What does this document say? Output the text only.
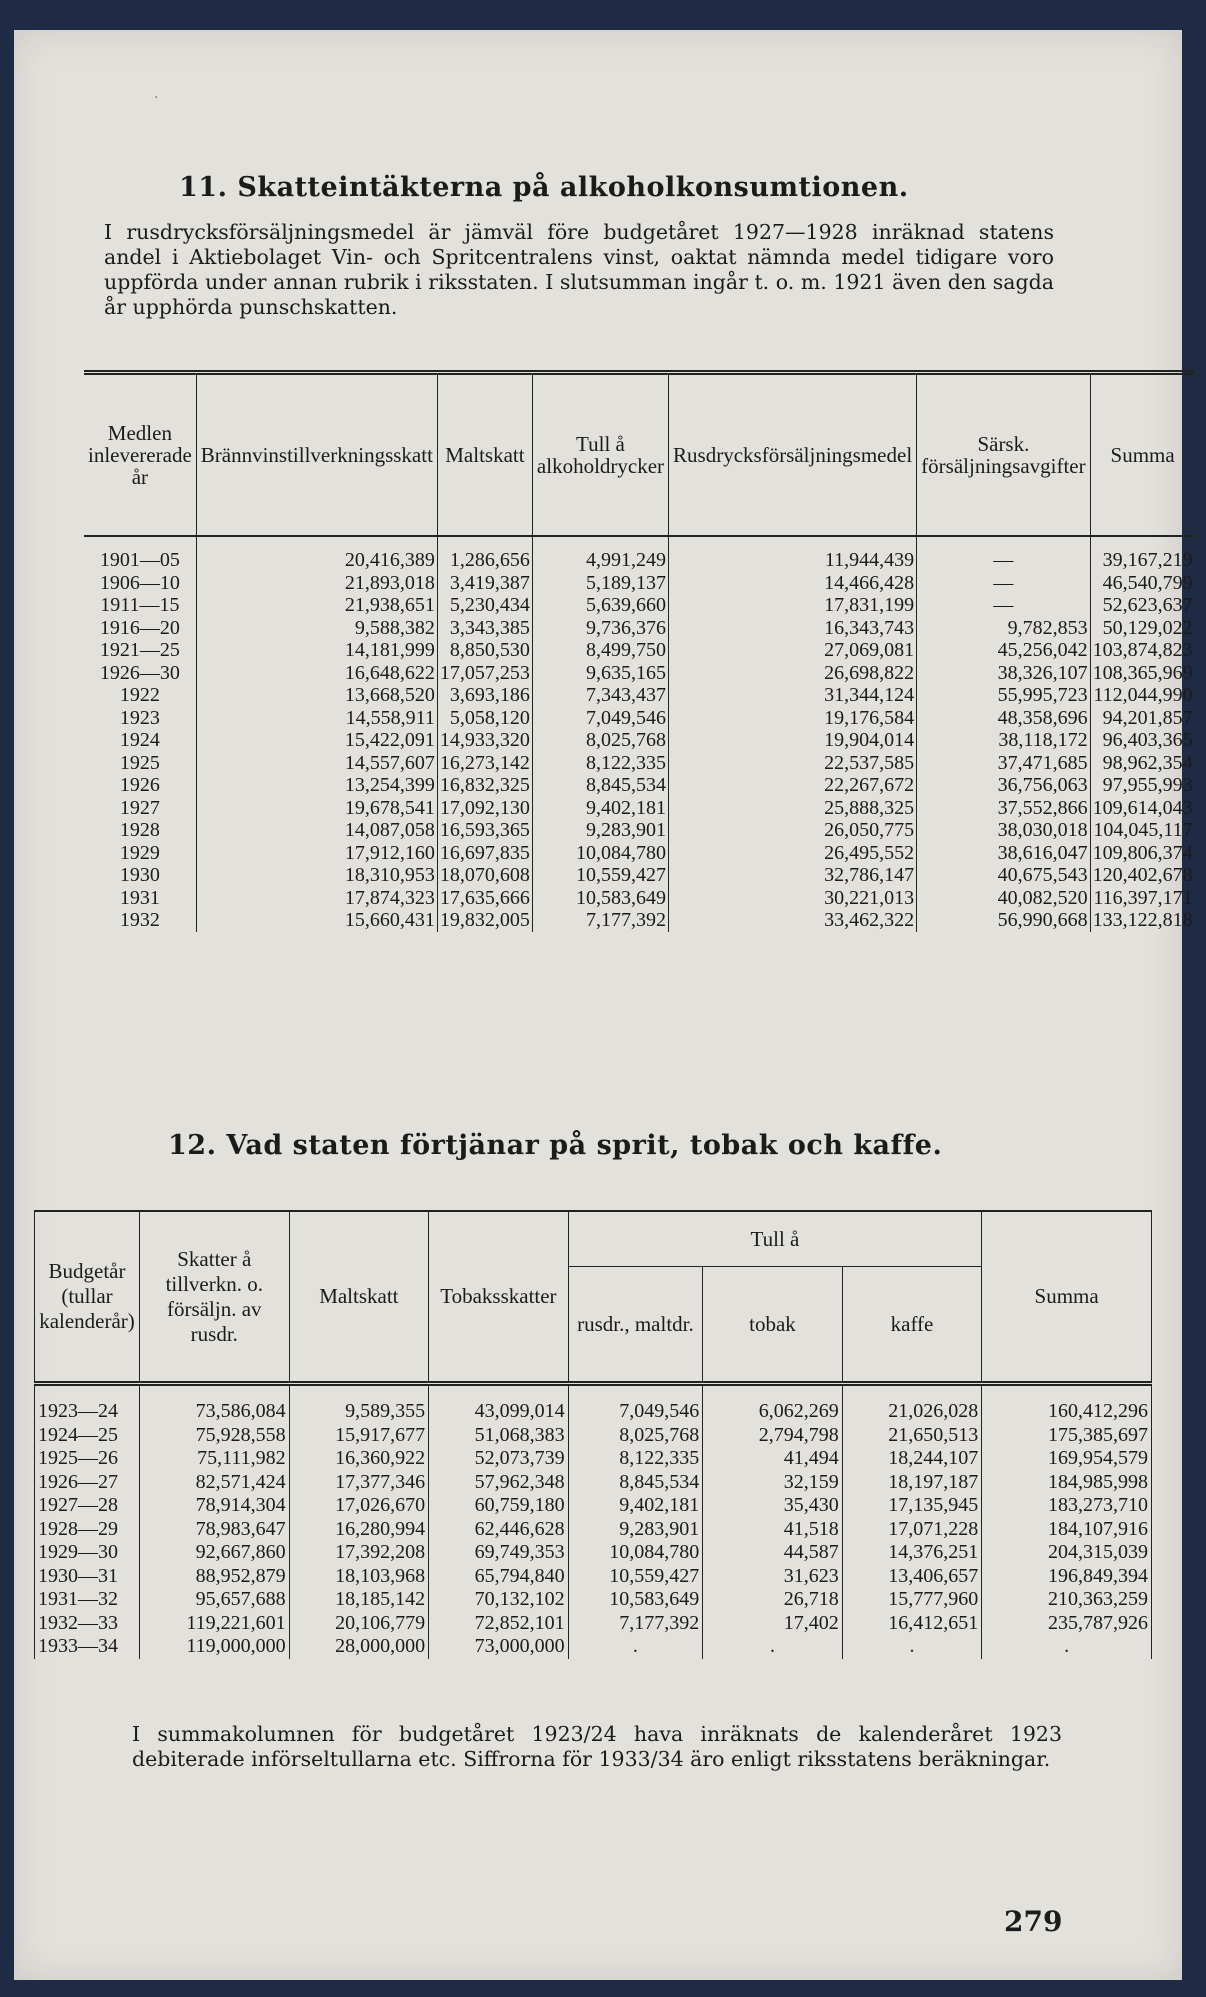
·
11. Skatteintäkterna på alkoholkonsumtionen.

I rusdrycksförsäljningsmedel är jämväl före budgetåret 1927—1928 inräknad statens andel i Aktiebolaget Vin- och Spritcentralens vinst, oaktat nämnda medel tidigare voro uppförda under annan rubrik i riksstaten. I slutsumman ingår t. o. m. 1921 även den sagda år upphörda punschskatten.

Medlen inlevererade år	Brännvinstillverkningsskatt	Maltskatt	Tull å alkoholdrycker	Rusdrycksförsäljningsmedel	Särsk. försäljningsavgifter	Summa
1901—05	20,416,389	1,286,656	4,991,249	11,944,439	—	39,167,219
1906—10	21,893,018	3,419,387	5,189,137	14,466,428	—	46,540,799
1911—15	21,938,651	5,230,434	5,639,660	17,831,199	—	52,623,637
1916—20	9,588,382	3,343,385	9,736,376	16,343,743	9,782,853	50,129,022
1921—25	14,181,999	8,850,530	8,499,750	27,069,081	45,256,042	103,874,823
1926—30	16,648,622	17,057,253	9,635,165	26,698,822	38,326,107	108,365,969
1922	13,668,520	3,693,186	7,343,437	31,344,124	55,995,723	112,044,990
1923	14,558,911	5,058,120	7,049,546	19,176,584	48,358,696	94,201,857
1924	15,422,091	14,933,320	8,025,768	19,904,014	38,118,172	96,403,365
1925	14,557,607	16,273,142	8,122,335	22,537,585	37,471,685	98,962,354
1926	13,254,399	16,832,325	8,845,534	22,267,672	36,756,063	97,955,993
1927	19,678,541	17,092,130	9,402,181	25,888,325	37,552,866	109,614,043
1928	14,087,058	16,593,365	9,283,901	26,050,775	38,030,018	104,045,117
1929	17,912,160	16,697,835	10,084,780	26,495,552	38,616,047	109,806,374
1930	18,310,953	18,070,608	10,559,427	32,786,147	40,675,543	120,402,678
1931	17,874,323	17,635,666	10,583,649	30,221,013	40,082,520	116,397,171
1932	15,660,431	19,832,005	7,177,392	33,462,322	56,990,668	133,122,818
12. Vad staten förtjänar på sprit, tobak och kaffe.
Budgetår (tullar kalenderår)	Skatter å tillverkn. o. försäljn. av rusdr.	Maltskatt	Tobaksskatter	Tull å			Summa
				rusdr., maltdr.	tobak	kaffe	
1923—24	73,586,084	9,589,355	43,099,014	7,049,546	6,062,269	21,026,028	160,412,296
1924—25	75,928,558	15,917,677	51,068,383	8,025,768	2,794,798	21,650,513	175,385,697
1925—26	75,111,982	16,360,922	52,073,739	8,122,335	41,494	18,244,107	169,954,579
1926—27	82,571,424	17,377,346	57,962,348	8,845,534	32,159	18,197,187	184,985,998
1927—28	78,914,304	17,026,670	60,759,180	9,402,181	35,430	17,135,945	183,273,710
1928—29	78,983,647	16,280,994	62,446,628	9,283,901	41,518	17,071,228	184,107,916
1929—30	92,667,860	17,392,208	69,749,353	10,084,780	44,587	14,376,251	204,315,039
1930—31	88,952,879	18,103,968	65,794,840	10,559,427	31,623	13,406,657	196,849,394
1931—32	95,657,688	18,185,142	70,132,102	10,583,649	26,718	15,777,960	210,363,259
1932—33	119,221,601	20,106,779	72,852,101	7,177,392	17,402	16,412,651	235,787,926
1933—34	119,000,000	28,000,000	73,000,000	.	.	.	.

I summakolumnen för budgetåret 1923/24 hava inräknats de kalenderåret 1923 debiterade införseltullarna etc. Siffrorna för 1933/34 äro enligt riksstatens beräkningar.

279
